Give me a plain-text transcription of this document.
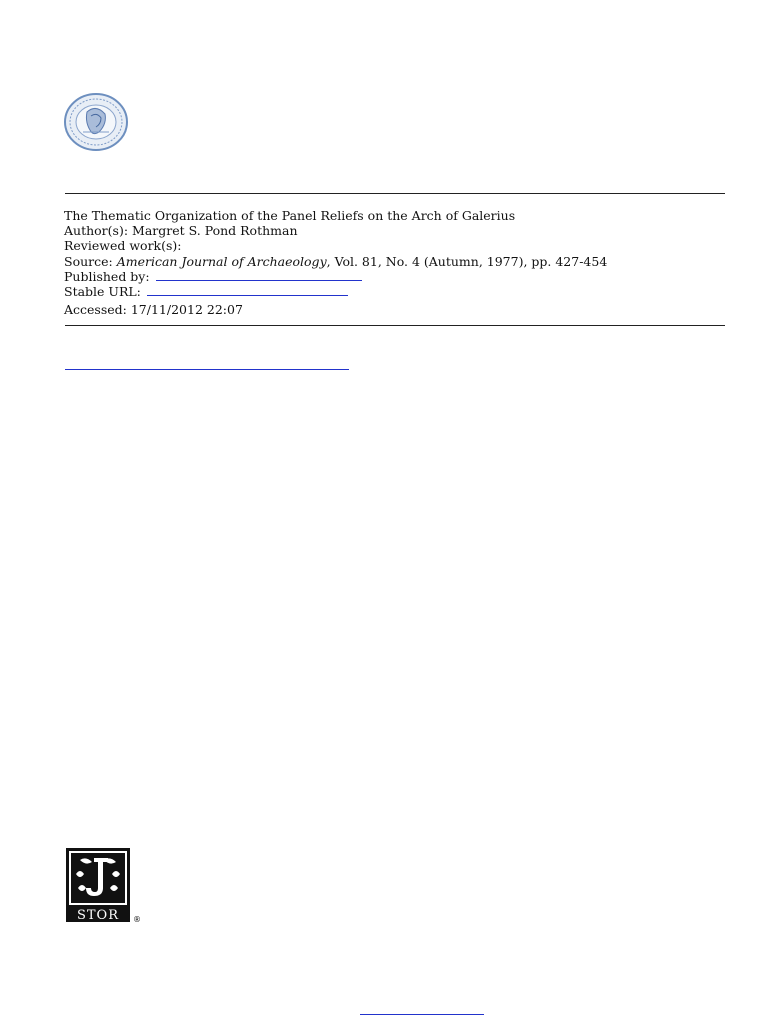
The Thematic Organization of the Panel Reliefs on the Arch of Galerius
Author(s): Margret S. Pond Rothman
Reviewed work(s):
Source: American Journal of Archaeology, Vol. 81, No. 4 (Autumn, 1977), pp. 427-454
Published by:
Stable URL:
Accessed: 17/11/2012 22:07
STOR ®
